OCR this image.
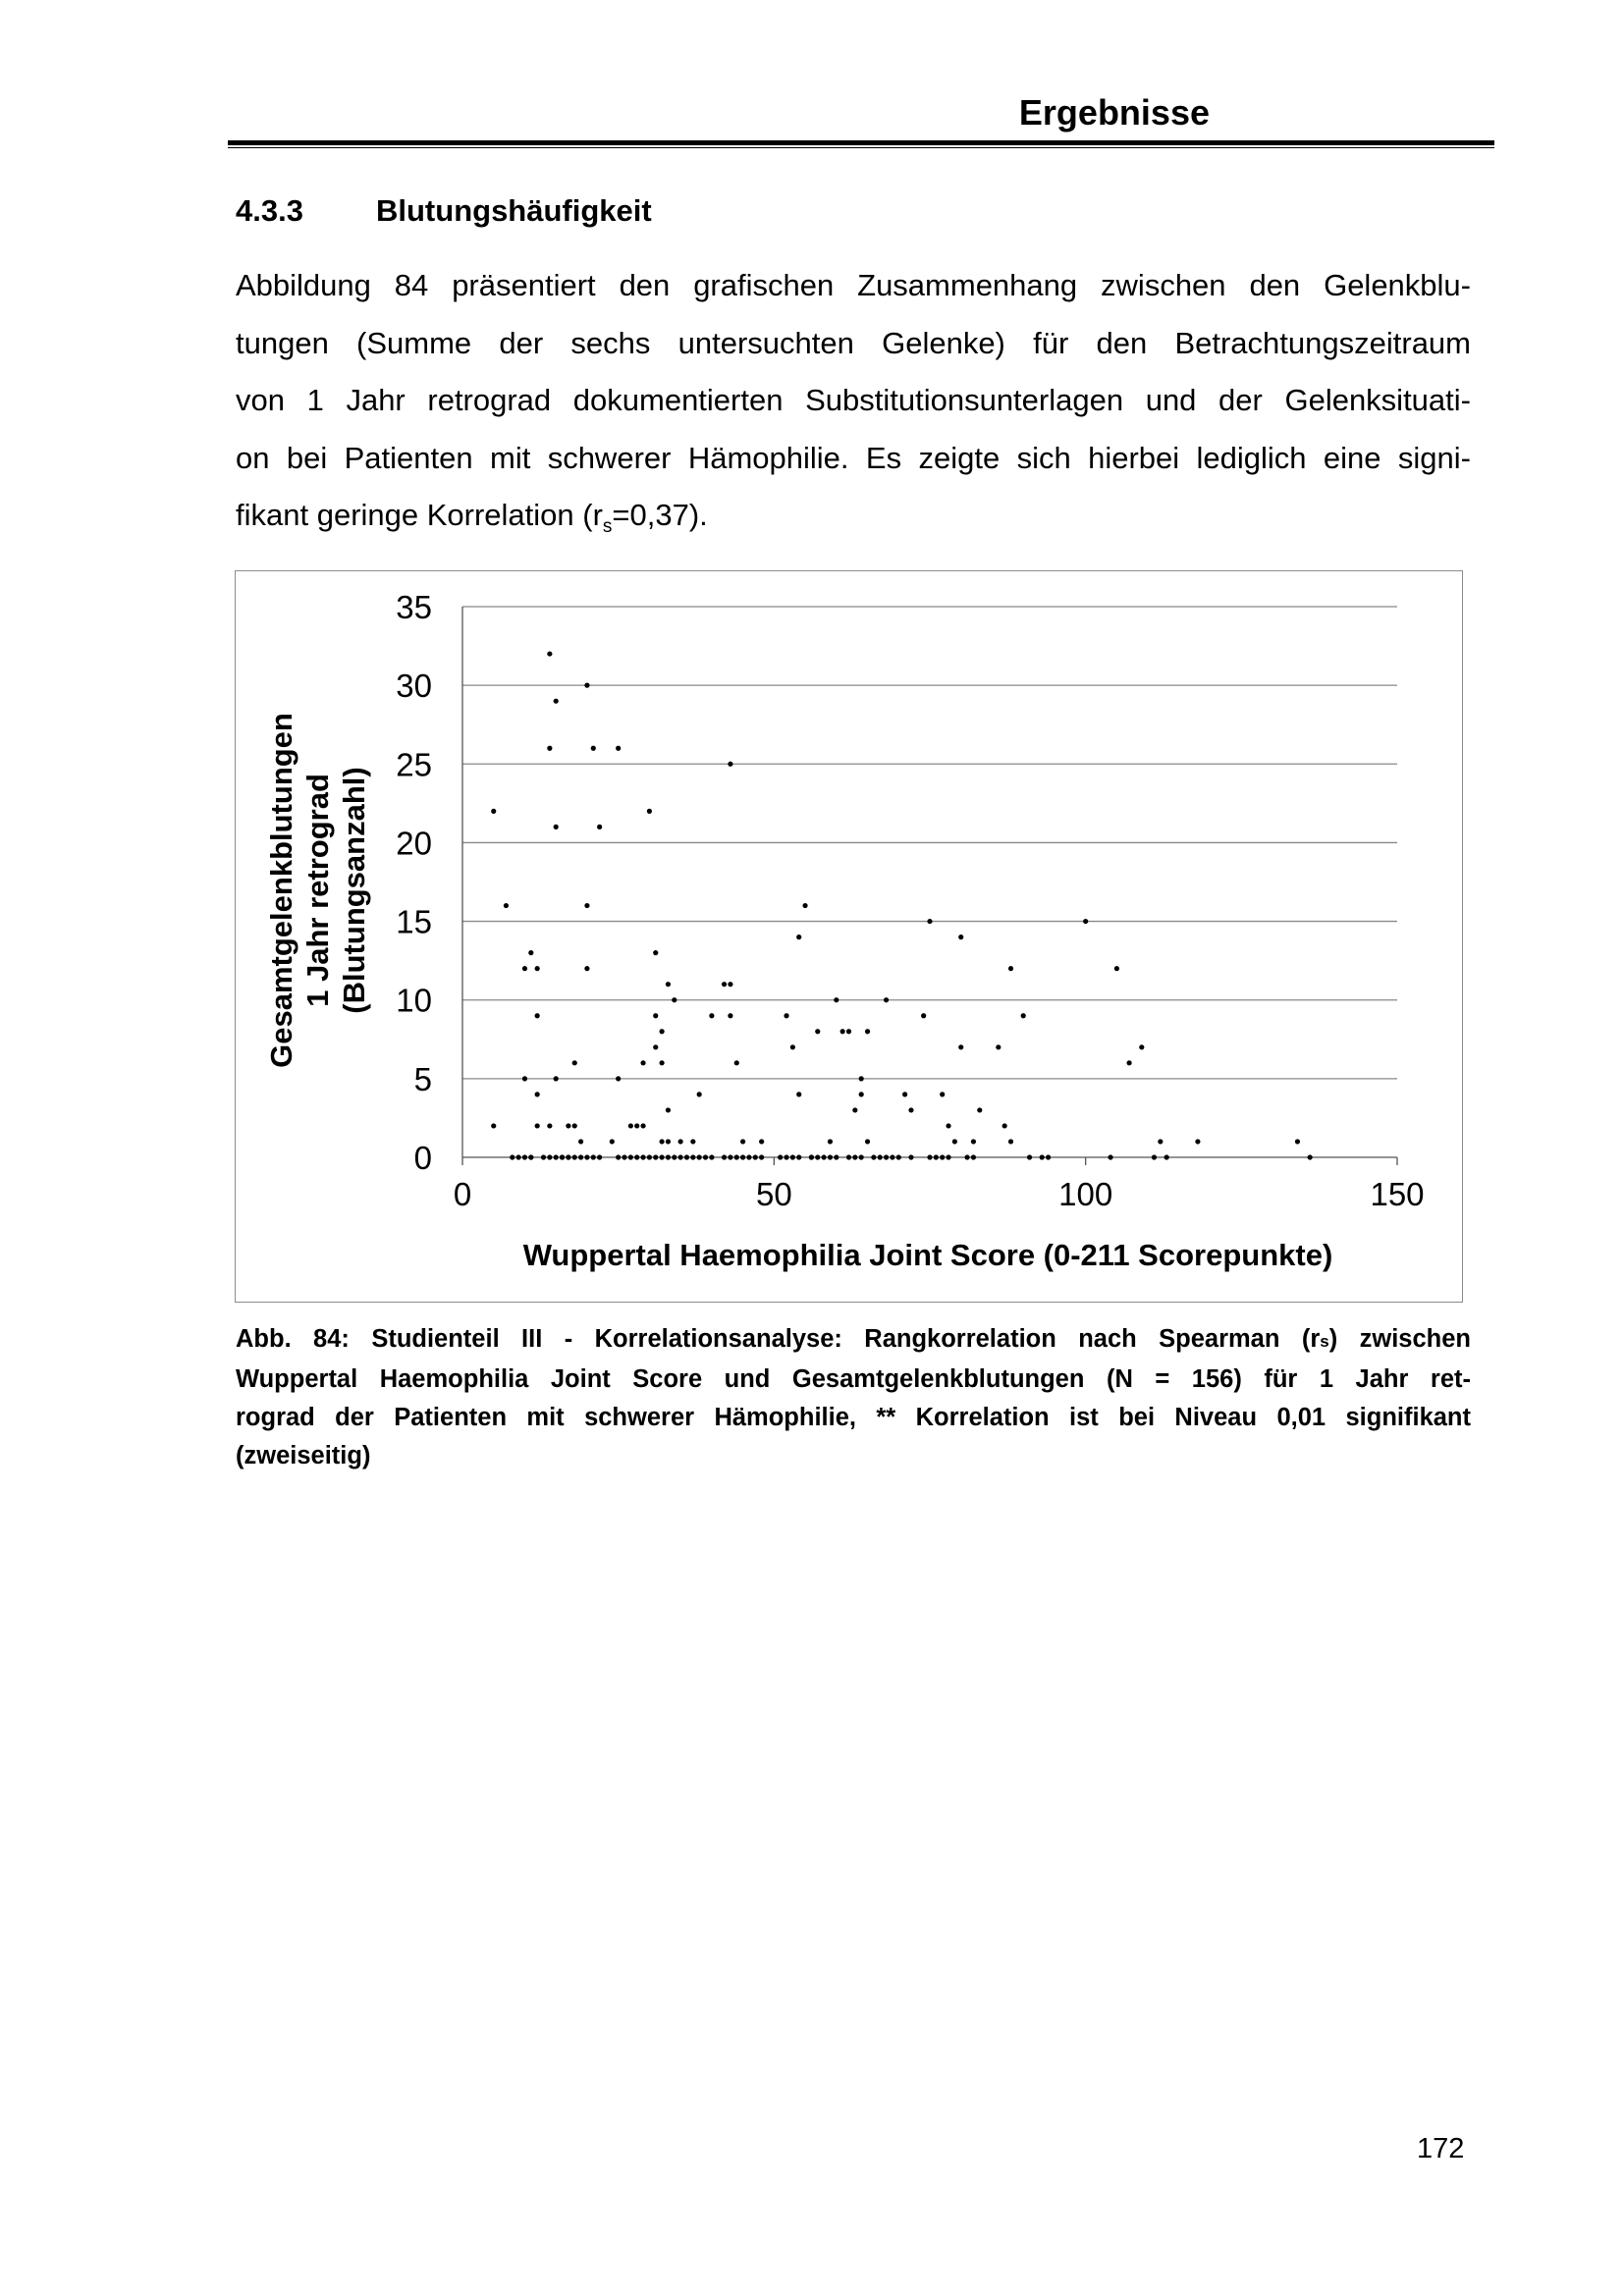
Ergebnisse
4.3.3 Blutungshäufigkeit
Abbildung 84 präsentiert den grafischen Zusammenhang zwischen den Gelenkblu-
tungen (Summe der sechs untersuchten Gelenke) für den Betrachtungszeitraum
von 1 Jahr retrograd dokumentierten Substitutionsunterlagen und der Gelenksituati-
on bei Patienten mit schwerer Hämophilie. Es zeigte sich hierbei lediglich eine signi-
fikant geringe Korrelation $(r_s=0,37)$.
0
5
10
15
20
25
30
35
0	50	100	150
Wuppertal Haemophilia Joint Score (0-211 Scorepunkte)
Gesamtgelenkblutungen 1 Jahr retrograd (Blutungsanzahl)
Abb. 84: Studienteil III - Korrelationsanalyse: Rangkorrelation nach Spearman (rs) zwischen
Wuppertal Haemophilia Joint Score und Gesamtgelenkblutungen (N = 156) für 1 Jahr ret-
rograd der Patienten mit schwerer Hämophilie, ** Korrelation ist bei Niveau 0,01 signifikant
(zweiseitig)
172
